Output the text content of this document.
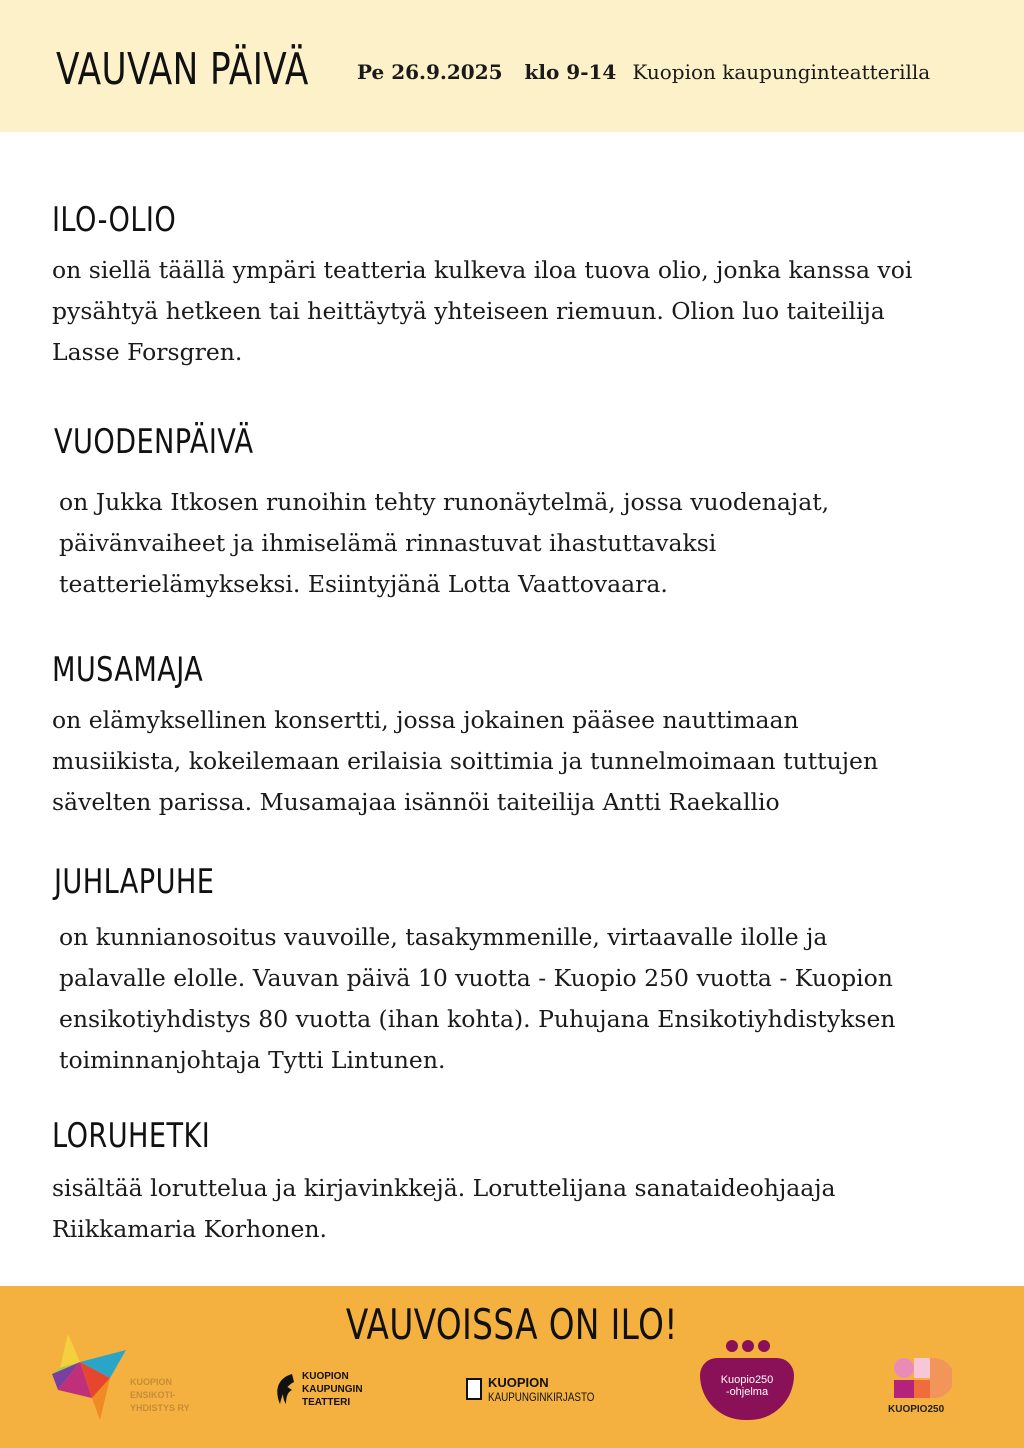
VAUVAN PÄIVÄ Pe 26.9.2025 klo 9-14 Kuopion kaupunginteatterilla
ILO-OLIO

on siellä täällä ympäri teatteria kulkeva iloa tuova olio, jonka kanssa voi
pysähtyä hetkeen tai heittäytyä yhteiseen riemuun. Olion luo taiteilija
Lasse Forsgren.

VUODENPÄIVÄ

on Jukka Itkosen runoihin tehty runonäytelmä, jossa vuodenajat,
päivänvaiheet ja ihmiselämä rinnastuvat ihastuttavaksi
teatterielämykseksi. Esiintyjänä Lotta Vaattovaara.

MUSAMAJA

on elämyksellinen konsertti, jossa jokainen pääsee nauttimaan
musiikista, kokeilemaan erilaisia soittimia ja tunnelmoimaan tuttujen
sävelten parissa. Musamajaa isännöi taiteilija Antti Raekallio

JUHLAPUHE

on kunnianosoitus vauvoille, tasakymmenille, virtaavalle ilolle ja
palavalle elolle. Vauvan päivä 10 vuotta - Kuopio 250 vuotta - Kuopion
ensikotiyhdistys 80 vuotta (ihan kohta). Puhujana Ensikotiyhdistyksen
toiminnanjohtaja Tytti Lintunen.

LORUHETKI

sisältää loruttelua ja kirjavinkkejä. Loruttelijana sanataideohjaaja
Riikkamaria Korhonen.

VAUVOISSA ON ILO!
KUOPION
ENSIKOTI-
YHDISTYS RY
KUOPION
KAUPUNGIN
TEATTERI
KUOPION
KAUPUNGINKIRJASTO
Kuopio250
-ohjelma
KUOPIO250
